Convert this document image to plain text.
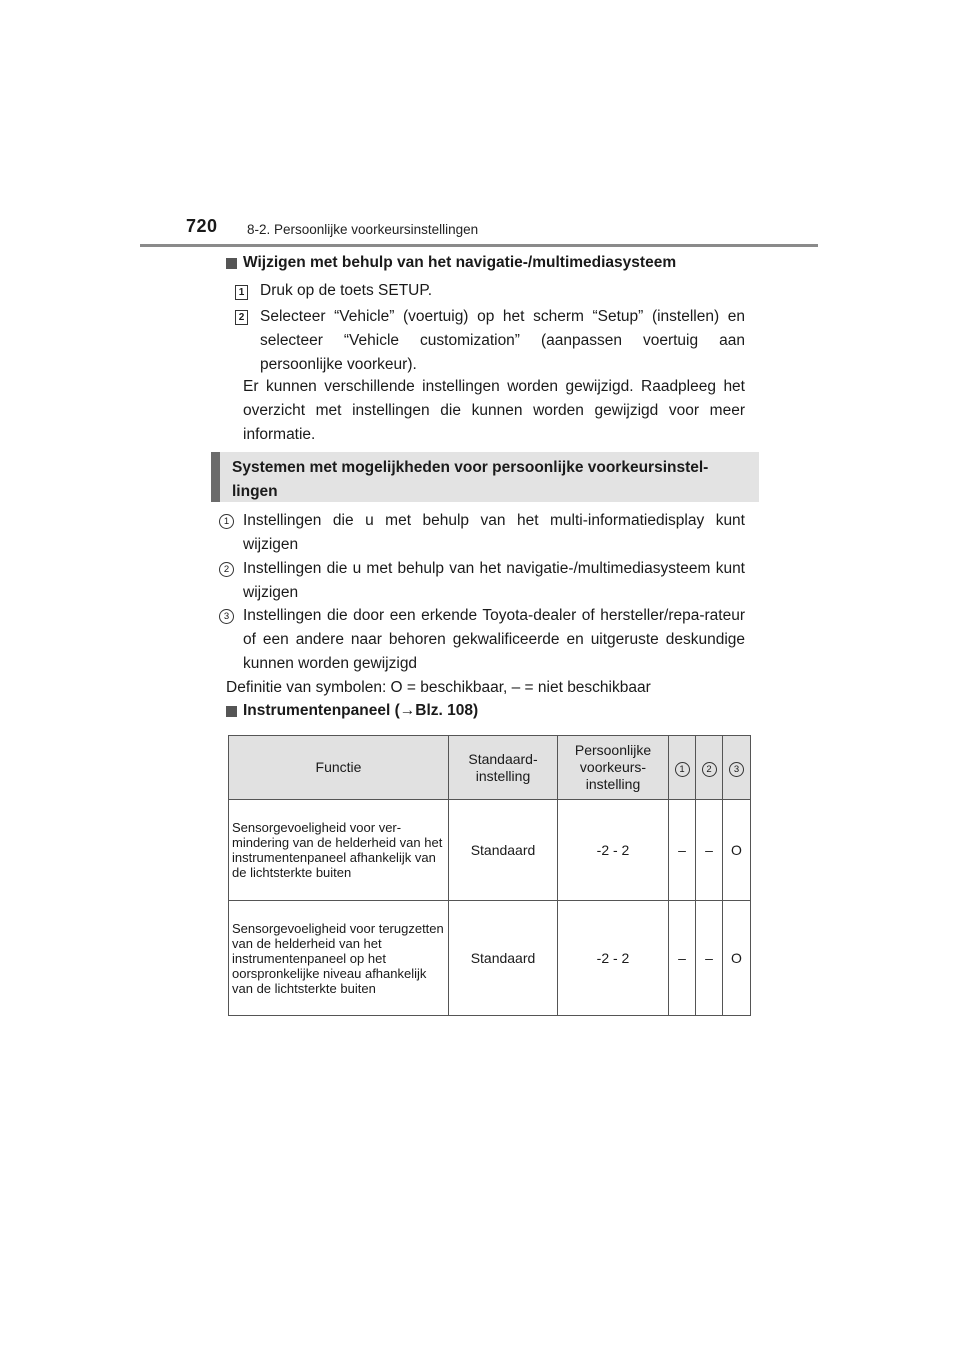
720 8-2. Persoonlijke voorkeursinstellingen
Wijzigen met behulp van het navigatie-/multimediasysteem
1 Druk op de toets SETUP.
2 Selecteer “Vehicle” (voertuig) op het scherm “Setup” (instellen) en selecteer “Vehicle customization” (aanpassen voertuig aan persoonlijke voorkeur).
Er kunnen verschillende instellingen worden gewijzigd. Raadpleeg het overzicht met instellingen die kunnen worden gewijzigd voor meer informatie.
Systemen met mogelijkheden voor persoonlijke voorkeursinstel-lingen
1 Instellingen die u met behulp van het multi-informatiedisplay kunt wijzigen
2 Instellingen die u met behulp van het navigatie-/multimediasysteem kunt wijzigen
3 Instellingen die door een erkende Toyota-dealer of hersteller/repa-rateur of een andere naar behoren gekwalificeerde en uitgeruste deskundige kunnen worden gewijzigd
Definitie van symbolen: O = beschikbaar, – = niet beschikbaar
Instrumentenpaneel (→Blz. 108)
Functie	Standaard-instelling	Persoonlijke voorkeurs-instelling	1	2	3
Sensorgevoeligheid voor ver-mindering van de helderheid van het instrumentenpaneel afhankelijk van de lichtsterkte buiten	Standaard	-2 - 2	–	–	O
Sensorgevoeligheid voor terugzetten van de helderheid van het instrumentenpaneel op het oorspronkelijke niveau afhankelijk van de lichtsterkte buiten	Standaard	-2 - 2	–	–	O
